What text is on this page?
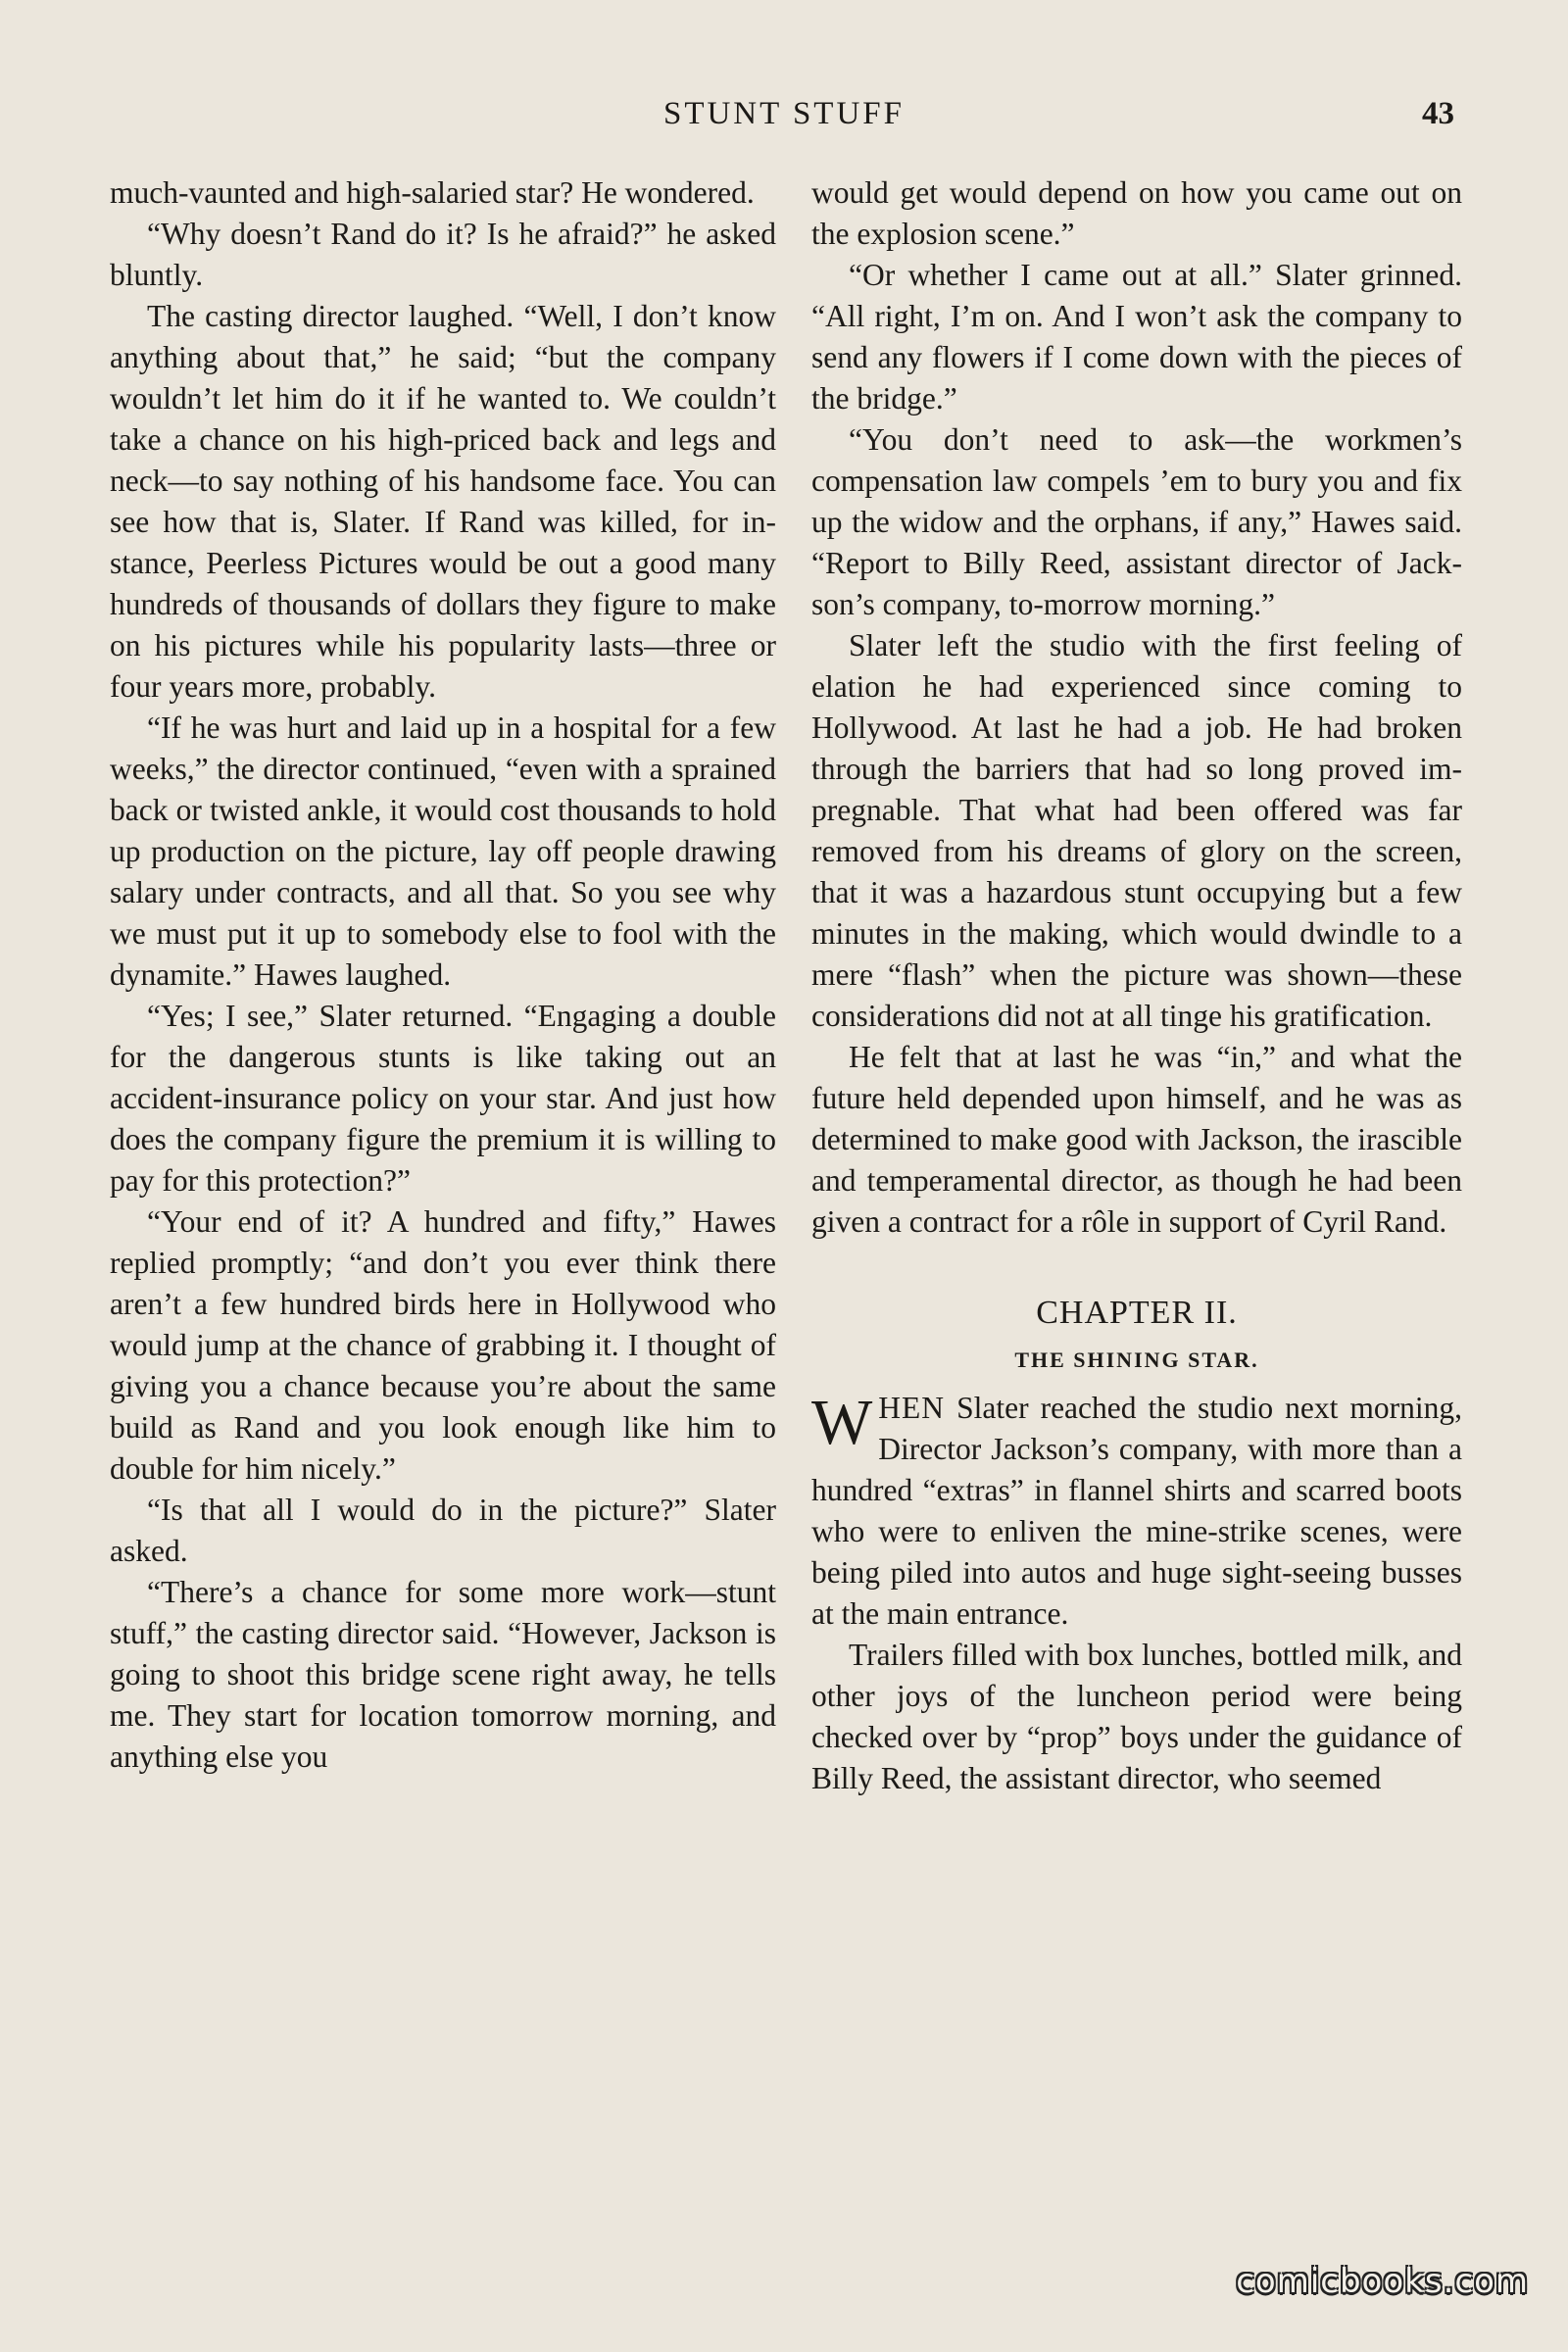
STUNT STUFF	43

much-vaunted and high-salaried star? He wondered.

“Why doesn’t Rand do it? Is he afraid?” he asked bluntly.

The casting director laughed. “Well, I don’t know anything about that,” he said; “but the company wouldn’t let him do it if he wanted to. We couldn’t take a chance on his high-priced back and legs and neck—to say nothing of his handsome face. You can see how that is, Slater. If Rand was killed, for instance, Peerless Pictures would be out a good many hundreds of thousands of dollars they figure to make on his pictures while his popularity lasts—three or four years more, probably.

“If he was hurt and laid up in a hospital for a few weeks,” the director continued, “even with a sprained back or twisted ankle, it would cost thousands to hold up production on the picture, lay off people drawing salary under contracts, and all that. So you see why we must put it up to somebody else to fool with the dynamite.” Hawes laughed.

“Yes; I see,” Slater returned. “Engaging a double for the dangerous stunts is like taking out an accident-insurance policy on your star. And just how does the company figure the premium it is willing to pay for this protection?”

“Your end of it? A hundred and fifty,” Hawes replied promptly; “and don’t you ever think there aren’t a few hundred birds here in Hollywood who would jump at the chance of grabbing it. I thought of giving you a chance because you’re about the same build as Rand and you look enough like him to double for him nicely.”

“Is that all I would do in the picture?” Slater asked.

“There’s a chance for some more work—stunt stuff,” the casting director said. “However, Jackson is going to shoot this bridge scene right away, he tells me. They start for location tomorrow morning, and anything else you

would get would depend on how you came out on the explosion scene.”

“Or whether I came out at all.” Slater grinned. “All right, I’m on. And I won’t ask the company to send any flowers if I come down with the pieces of the bridge.”

“You don’t need to ask—the workmen’s compensation law compels ’em to bury you and fix up the widow and the orphans, if any,” Hawes said. “Report to Billy Reed, assistant director of Jackson’s company, to-morrow morning.”

Slater left the studio with the first feeling of elation he had experienced since coming to Hollywood. At last he had a job. He had broken through the barriers that had so long proved impregnable. That what had been offered was far removed from his dreams of glory on the screen, that it was a hazardous stunt occupying but a few minutes in the making, which would dwindle to a mere “flash” when the picture was shown—these considerations did not at all tinge his gratification.

He felt that at last he was “in,” and what the future held depended upon himself, and he was as determined to make good with Jackson, the irascible and temperamental director, as though he had been given a contract for a rôle in support of Cyril Rand.

CHAPTER II.
THE SHINING STAR.

WHEN Slater reached the studio next morning, Director Jackson’s company, with more than a hundred “extras” in flannel shirts and scarred boots who were to enliven the mine-strike scenes, were being piled into autos and huge sight-seeing busses at the main entrance.

Trailers filled with box lunches, bottled milk, and other joys of the luncheon period were being checked over by “prop” boys under the guidance of Billy Reed, the assistant director, who seemed

comicbooks.com
